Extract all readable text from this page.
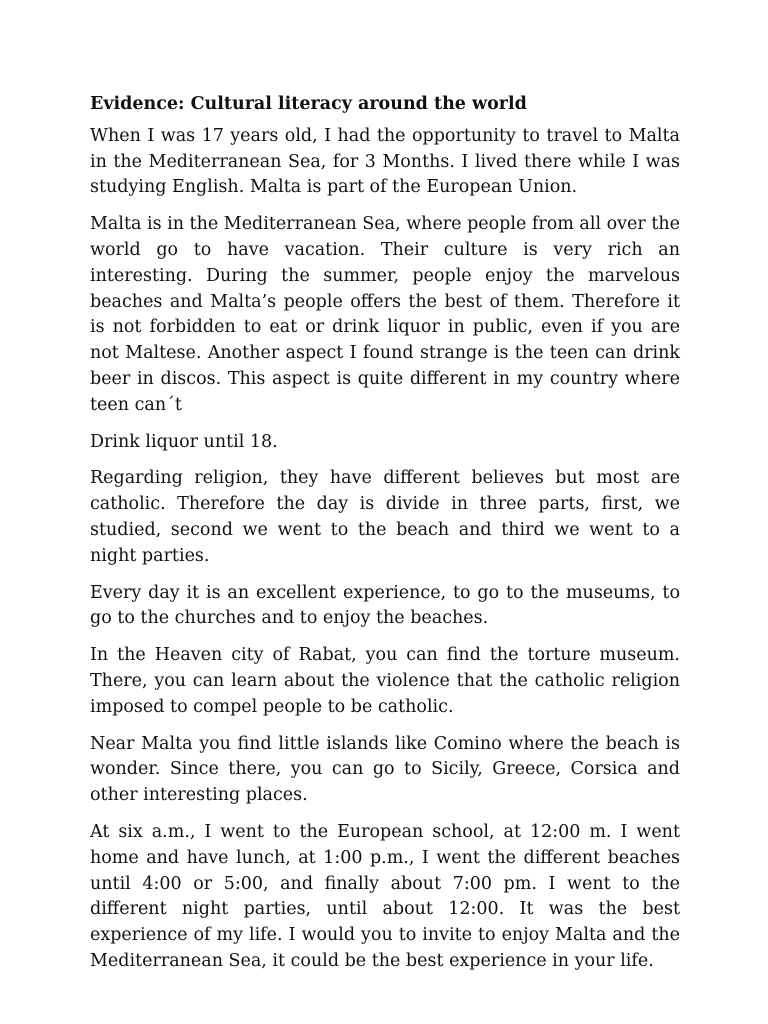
Evidence: Cultural literacy around the world

When I was 17 years old, I had the opportunity to travel to Malta in the Mediterranean Sea, for 3 Months. I lived there while I was studying English. Malta is part of the European Union.

Malta is in the Mediterranean Sea, where people from all over the world go to have vacation. Their culture is very rich an interesting. During the summer, people enjoy the marvelous beaches and Malta’s people offers the best of them. Therefore it is not forbidden to eat or drink liquor in public, even if you are not Maltese. Another aspect I found strange is the teen can drink beer in discos. This aspect is quite different in my country where teen can´t

Drink liquor until 18.

Regarding religion, they have different believes but most are catholic. Therefore the day is divide in three parts, first, we studied, second we went to the beach and third we went to a night parties.

Every day it is an excellent experience, to go to the museums, to go to the churches and to enjoy the beaches.

In the Heaven city of Rabat, you can find the torture museum. There, you can learn about the violence that the catholic religion imposed to compel people to be catholic.

Near Malta you find little islands like Comino where the beach is wonder. Since there, you can go to Sicily, Greece, Corsica and other interesting places.

At six a.m., I went to the European school, at 12:00 m. I went home and have lunch, at 1:00 p.m., I went the different beaches until 4:00 or 5:00, and finally about 7:00 pm. I went to the different night parties, until about 12:00. It was the best experience of my life. I would you to invite to enjoy Malta and the Mediterranean Sea, it could be the best experience in your life.
